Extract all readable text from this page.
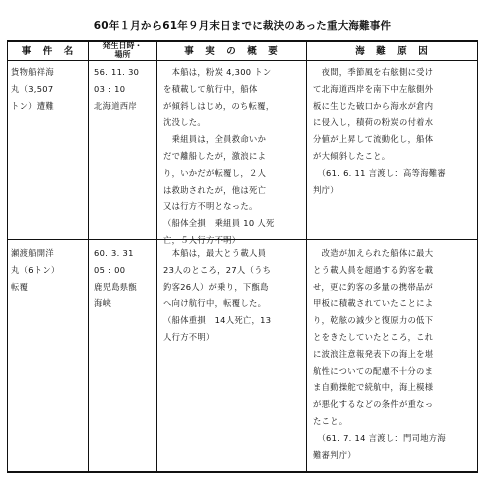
60年１月から61年９月末日までに裁決のあった重大海難事件
事　件　名
発生日時・
場所	事　実　の　概　要	海　難　原　因
貨物船祥海
丸（3,507
トン）遭難
56. 11. 30
03 : 10
北海道西岸
　本船は，粉炭 4,300 トン
を積載して航行中，船体
が傾斜しはじめ，のち転覆，
沈没した。
　乗組員は，全員救命いか
だで離船したが，激浪によ
り，いかだが転覆し，２人
は救助されたが，他は死亡
又は行方不明となった。
（船体全損　乗組員 10 人死
亡，５人行方不明）
　夜間，季節風を右舷側に受け
て北海道西岸を南下中左舷側外
板に生じた破口から海水が倉内
に侵入し，積荷の粉炭の付着水
分値が上昇して流動化し，船体
が大傾斜したこと。
　（61. 6. 11 言渡し：高等海難審
判庁）
瀬渡船開洋
丸（6トン）
転覆
60. 3. 31
05 : 00
鹿児島県甑
海峡
　本船は，最大とう載人員
23人のところ，27人（うち
釣客26人）が乗り，下甑島
へ向け航行中，転覆した。
（船体重損　14人死亡，13
人行方不明）
　改造が加えられた船体に最大
とう載人員を超過する釣客を載
せ，更に釣客の多量の携帯品が
甲板に積載されていたことによ
り，乾舷の減少と復原力の低下
とをきたしていたところ，これ
に波浪注意報発表下の海上を堪
航性についての配慮不十分のま
ま自動操舵で続航中，海上模様
が悪化するなどの条件が重なっ
たこと。
　（61. 7. 14 言渡し：門司地方海
難審判庁）
